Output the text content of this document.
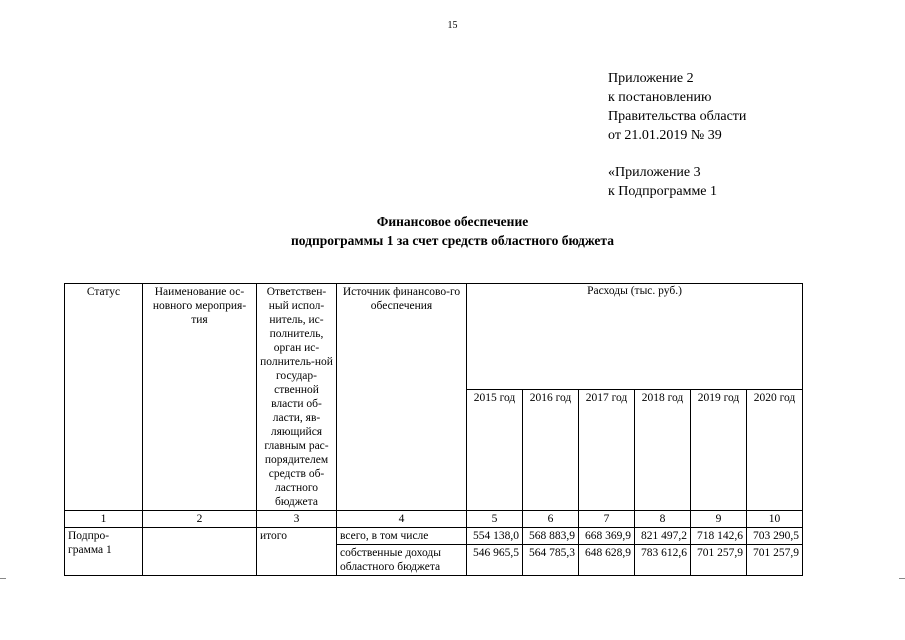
15
Приложение 2
к постановлению
Правительства области
от 21.01.2019 № 39
«Приложение 3
к Подпрограмме 1
Финансовое обеспечение
подпрограммы 1 за счет средств областного бюджета
Статус	Наименование ос-новного мероприя-тия	Ответствен-ный испол-нитель, ис-полнитель, орган ис-полнитель-ной государ-ственной власти об-ласти, яв-ляющийся главным рас-порядителем средств об-ластного бюджета	Источник финансово-го обеспечения	Расходы (тыс. руб.)					
				2015 год	2016 год	2017 год	2018 год	2019 год	2020 год
1	2	3	4	5	6	7	8	9	10
Подпро-грамма 1		итого	всего, в том числе	554 138,0	568 883,9	668 369,9	821 497,2	718 142,6	703 290,5
			собственные доходы областного бюджета	546 965,5	564 785,3	648 628,9	783 612,6	701 257,9	701 257,9
